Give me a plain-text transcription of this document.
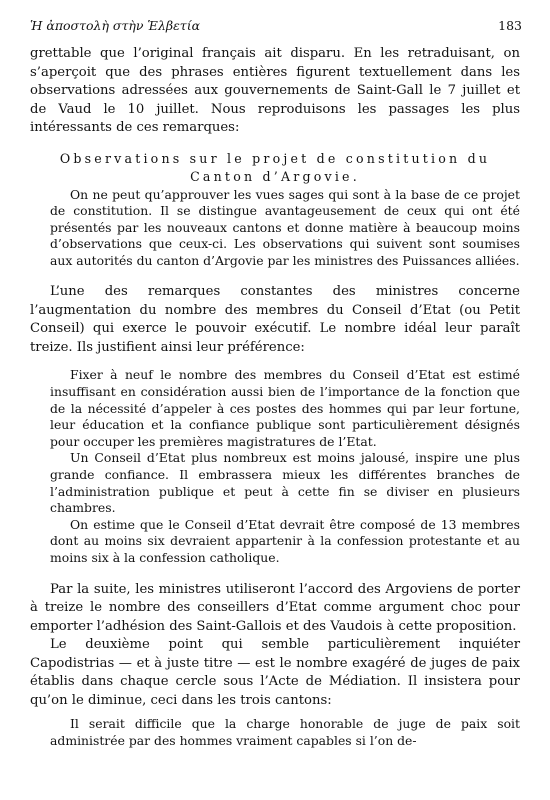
Ἡ ἀποστολὴ στὴν Ἑλβετία	183

grettable que l’original français ait disparu. En les retraduisant, on s’aperçoit que des phrases entières figurent textuellement dans les observations adressées aux gouvernements de Saint-Gall le 7 juillet et de Vaud le 10 juillet. Nous reproduisons les passages les plus intéressants de ces remarques:

Observations sur le projet de constitution du Canton d’Argovie.

On ne peut qu’approuver les vues sages qui sont à la base de ce projet de constitution. Il se distingue avantageusement de ceux qui ont été présentés par les nouveaux cantons et donne matière à beaucoup moins d’observations que ceux-ci. Les observations qui suivent sont soumises aux autorités du canton d’Argovie par les ministres des Puissances alliées.

L’une des remarques constantes des ministres concerne l’augmentation du nombre des membres du Conseil d’Etat (ou Petit Conseil) qui exerce le pouvoir exécutif. Le nombre idéal leur paraît treize. Ils justifient ainsi leur préférence:

Fixer à neuf le nombre des membres du Conseil d’Etat est estimé insuffisant en considération aussi bien de l’importance de la fonction que de la nécessité d’appeler à ces postes des hommes qui par leur fortune, leur éducation et la confiance publique sont particulièrement désignés pour occuper les premières magistratures de l’Etat.

Un Conseil d’Etat plus nombreux est moins jalousé, inspire une plus grande confiance. Il embrassera mieux les différentes branches de l’administration publique et peut à cette fin se diviser en plusieurs chambres.

On estime que le Conseil d’Etat devrait être composé de 13 membres dont au moins six devraient appartenir à la confession protestante et au moins six à la confession catholique.

Par la suite, les ministres utiliseront l’accord des Argoviens de porter à treize le nombre des conseillers d’Etat comme argument choc pour emporter l’adhésion des Saint-Gallois et des Vaudois à cette proposition.

Le deuxième point qui semble particulièrement inquiéter Capodistrias — et à juste titre — est le nombre exagéré de juges de paix établis dans chaque cercle sous l’Acte de Médiation. Il insistera pour qu’on le diminue, ceci dans les trois cantons:

Il serait difficile que la charge honorable de juge de paix soit administrée par des hommes vraiment capables si l’on de-
